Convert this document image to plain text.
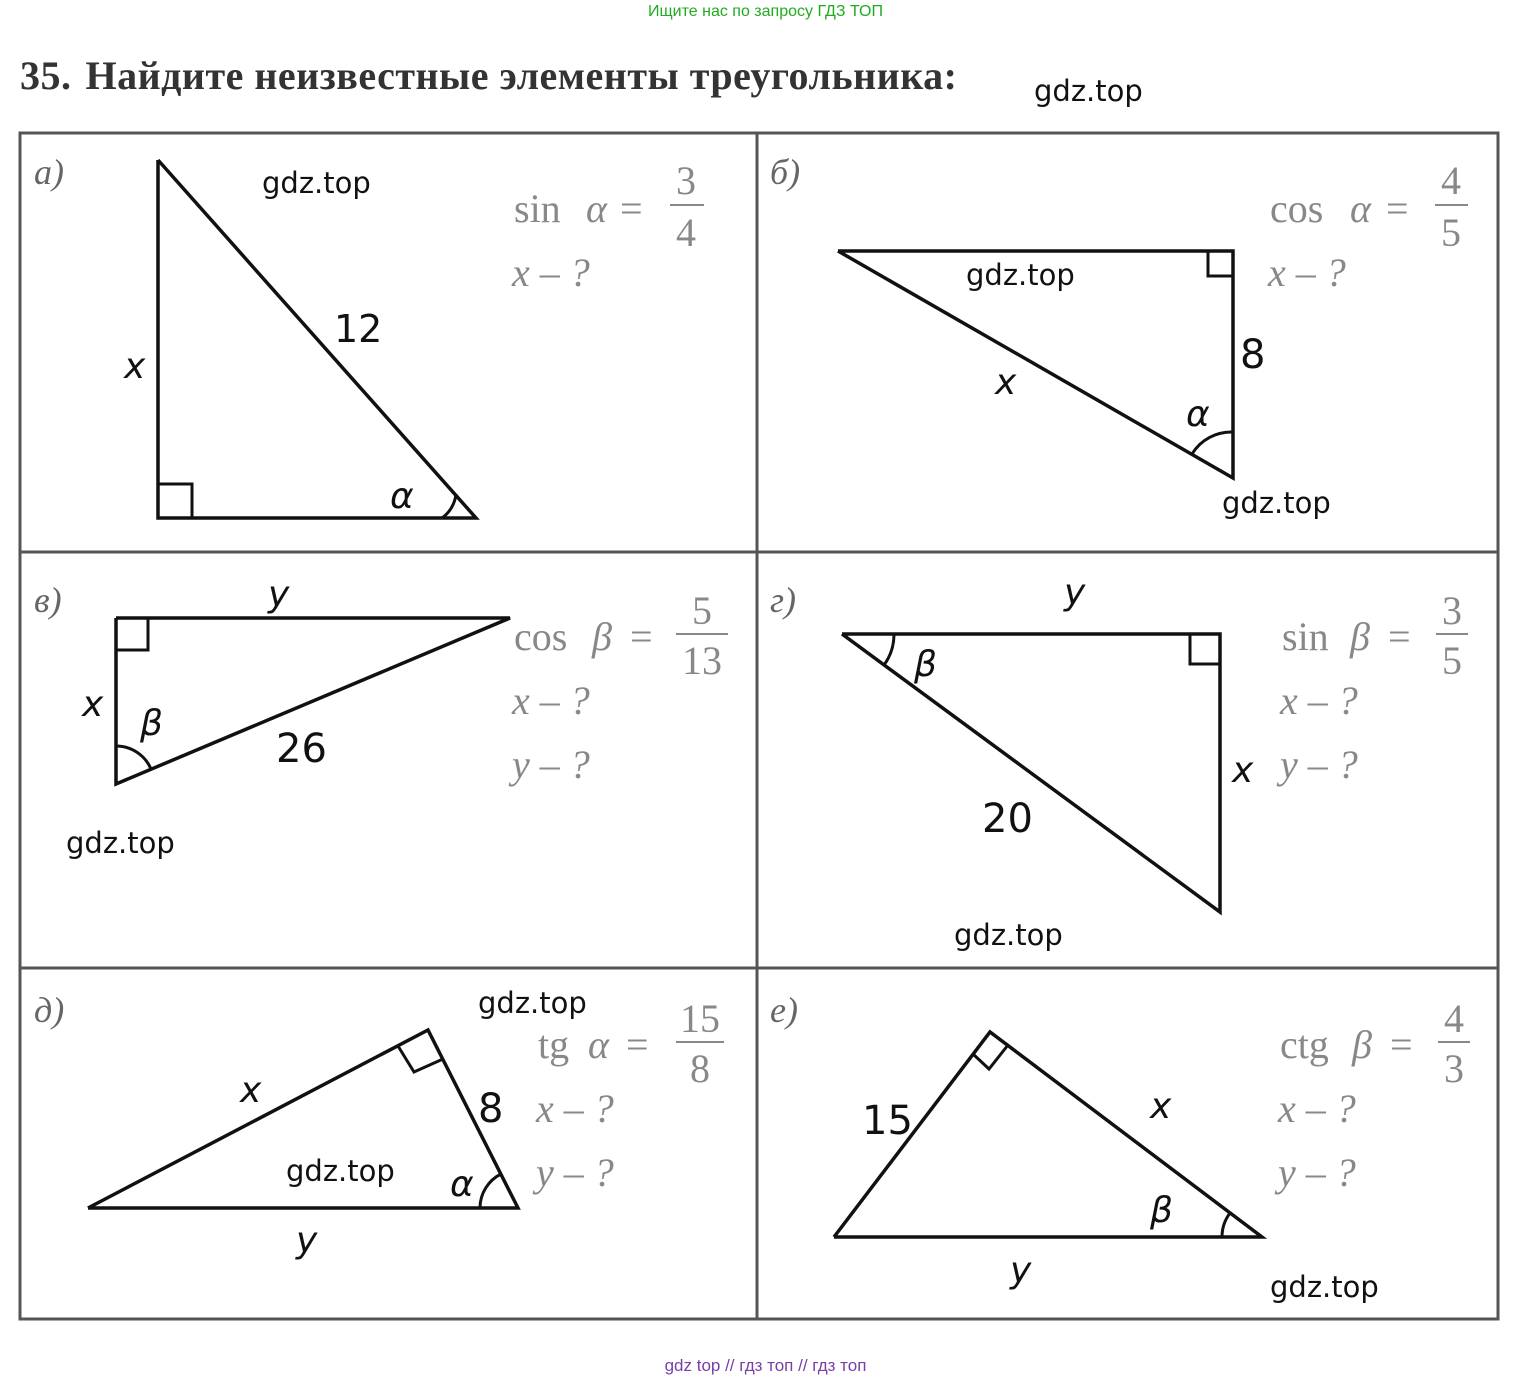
Ищите нас по запросу ГДЗ ТОП
35. Найдите неизвестные элементы треугольника:
а)
x
12
α
sin α =
3
4
x – ?
б)
8
x
α
cos α =
4
5
x – ?
в)	y
x
26
β
cos β =
5
13
x – ?
y – ?
г)	y
x
20
β
sin β =
3
5
x – ?
y – ?
д)
x	8
y
α
tg α =
15
8
x – ?
y – ?
е)
15	x
y
β
ctg β =
4
3
x – ?
y – ?
gdz.top
gdz.top
gdz.top
gdz.top
gdz.top
gdz.top
gdz.top
gdz.top
gdz.top
gdz top // гдз топ // гдз топ
